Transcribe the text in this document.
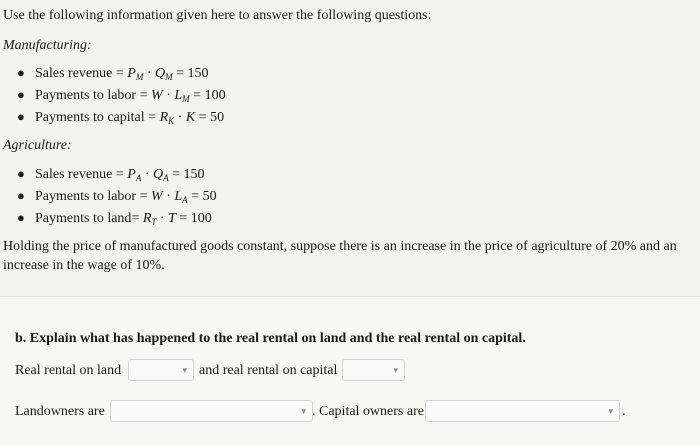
Use the following information given here to answer the following questions:
Manufacturing:
● Sales revenue = $P_M \cdot Q_M = 150$
● Payments to labor = $W \cdot L_M = 100$
● Payments to capital = $R_K \cdot K = 50$
Agriculture:
● Sales revenue = $P_A \cdot Q_A = 150$
● Payments to labor = $W \cdot L_A = 50$
● Payments to land= $R_T \cdot T = 100$
Holding the price of manufactured goods constant, suppose there is an increase in the price of agriculture of 20% and an increase in the wage of 10%.
b. Explain what has happened to the real rental on land and the real rental on capital.
Real rental on land	▾ and real rental on capital	▾
Landowners are	▾ . Capital owners are	▾ .
